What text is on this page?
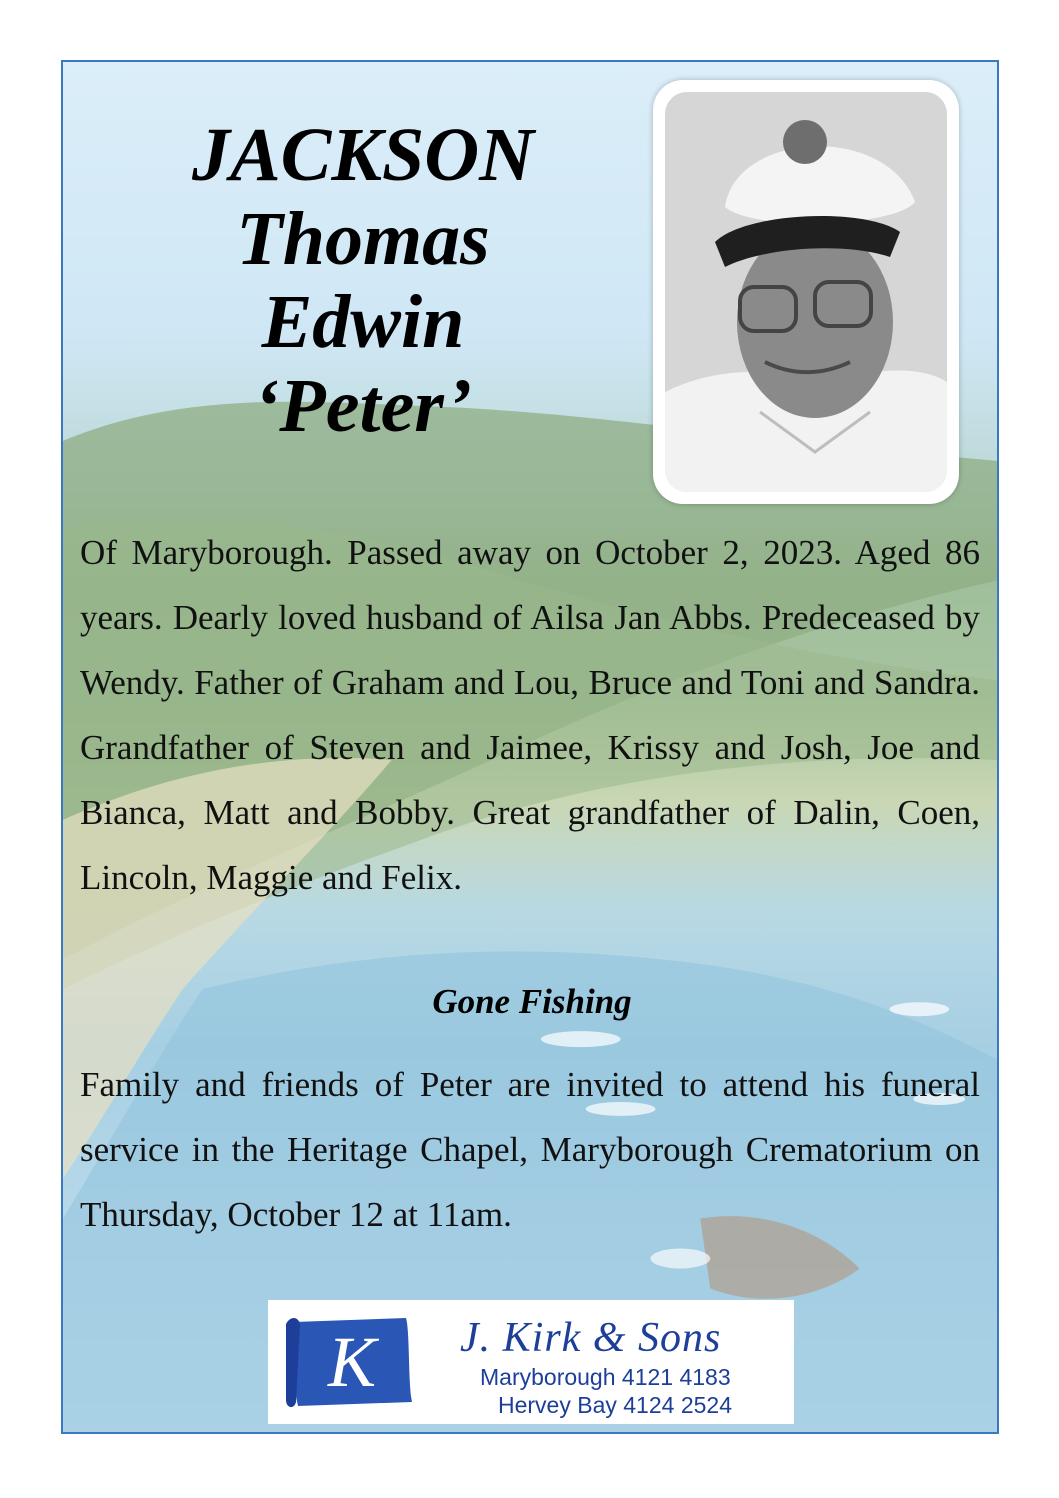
JACKSON
Thomas
Edwin
‘Peter’
Of Maryborough. Passed away on October 2, 2023. Aged 86 years. Dearly loved husband of Ailsa Jan Abbs. Predeceased by Wendy. Father of Graham and Lou, Bruce and Toni and Sandra. Grandfather of Steven and Jaimee, Krissy and Josh, Joe and Bianca, Matt and Bobby. Great grandfather of Dalin, Coen, Lincoln, Maggie and Felix.
Gone Fishing
Family and friends of Peter are invited to attend his funeral service in the Heritage Chapel, Maryborough Crematorium on Thursday, October 12 at 11am.
K J. Kirk & Sons
Maryborough 4121 4183
Hervey Bay 4124 2524
